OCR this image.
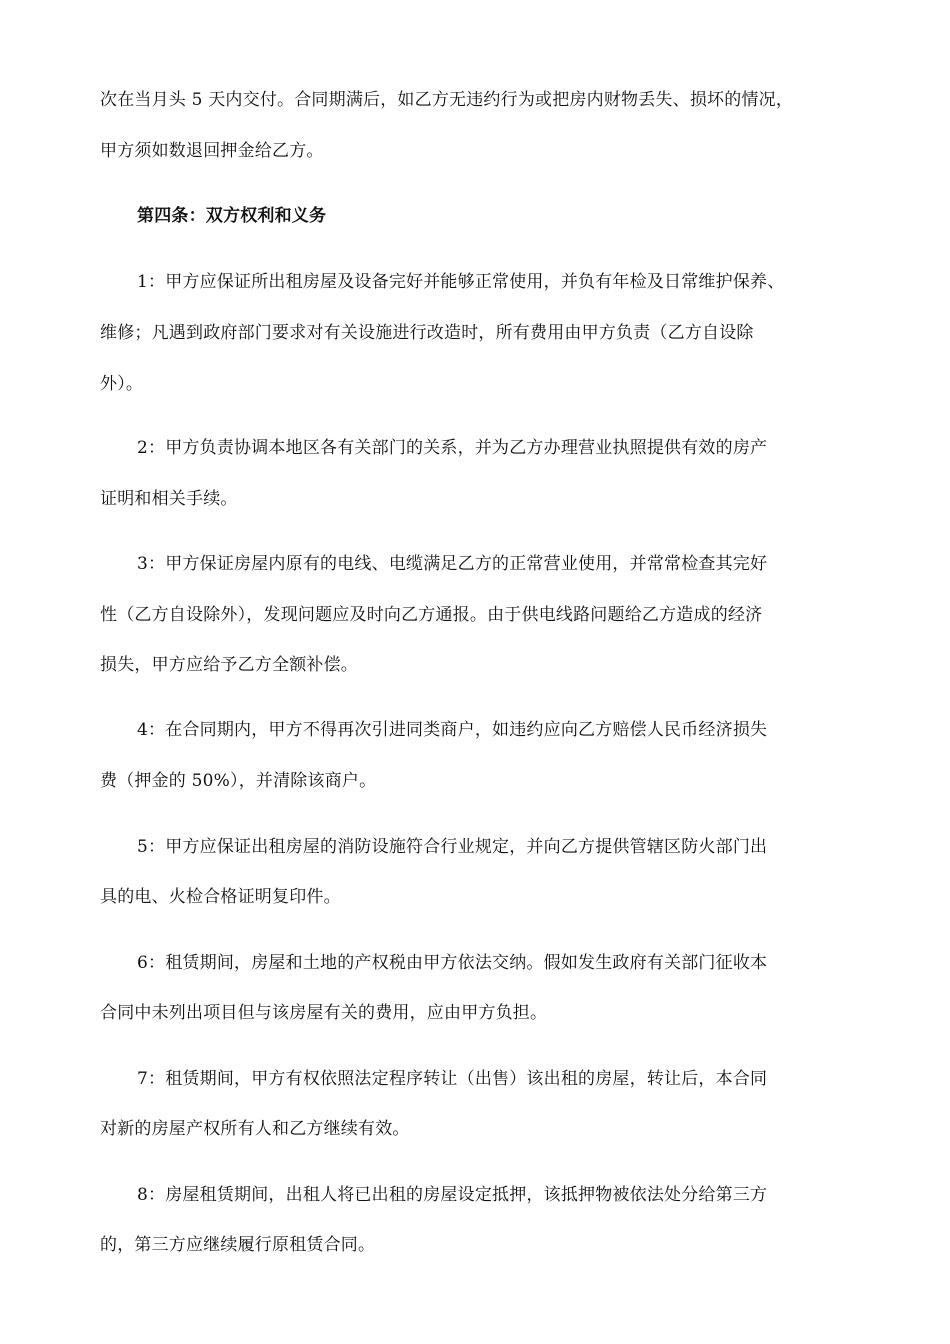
次在当月头 5 天内交付。合同期满后，如乙方无违约行为或把房内财物丢失、损坏的情况，
甲方须如数退回押金给乙方。
第四条：双方权利和义务
1：甲方应保证所出租房屋及设备完好并能够正常使用，并负有年检及日常维护保养、
维修；凡遇到政府部门要求对有关设施进行改造时，所有费用由甲方负责（乙方自设除
外）。
2：甲方负责协调本地区各有关部门的关系，并为乙方办理营业执照提供有效的房产
证明和相关手续。
3：甲方保证房屋内原有的电线、电缆满足乙方的正常营业使用，并常常检查其完好
性（乙方自设除外），发现问题应及时向乙方通报。由于供电线路问题给乙方造成的经济
损失，甲方应给予乙方全额补偿。
4：在合同期内，甲方不得再次引进同类商户，如违约应向乙方赔偿人民币经济损失
费（押金的 50%），并清除该商户。
5：甲方应保证出租房屋的消防设施符合行业规定，并向乙方提供管辖区防火部门出
具的电、火检合格证明复印件。
6：租赁期间，房屋和土地的产权税由甲方依法交纳。假如发生政府有关部门征收本
合同中未列出项目但与该房屋有关的费用，应由甲方负担。
7：租赁期间，甲方有权依照法定程序转让（出售）该出租的房屋，转让后，本合同
对新的房屋产权所有人和乙方继续有效。
8：房屋租赁期间，出租人将已出租的房屋设定抵押，该抵押物被依法处分给第三方
的，第三方应继续履行原租赁合同。
